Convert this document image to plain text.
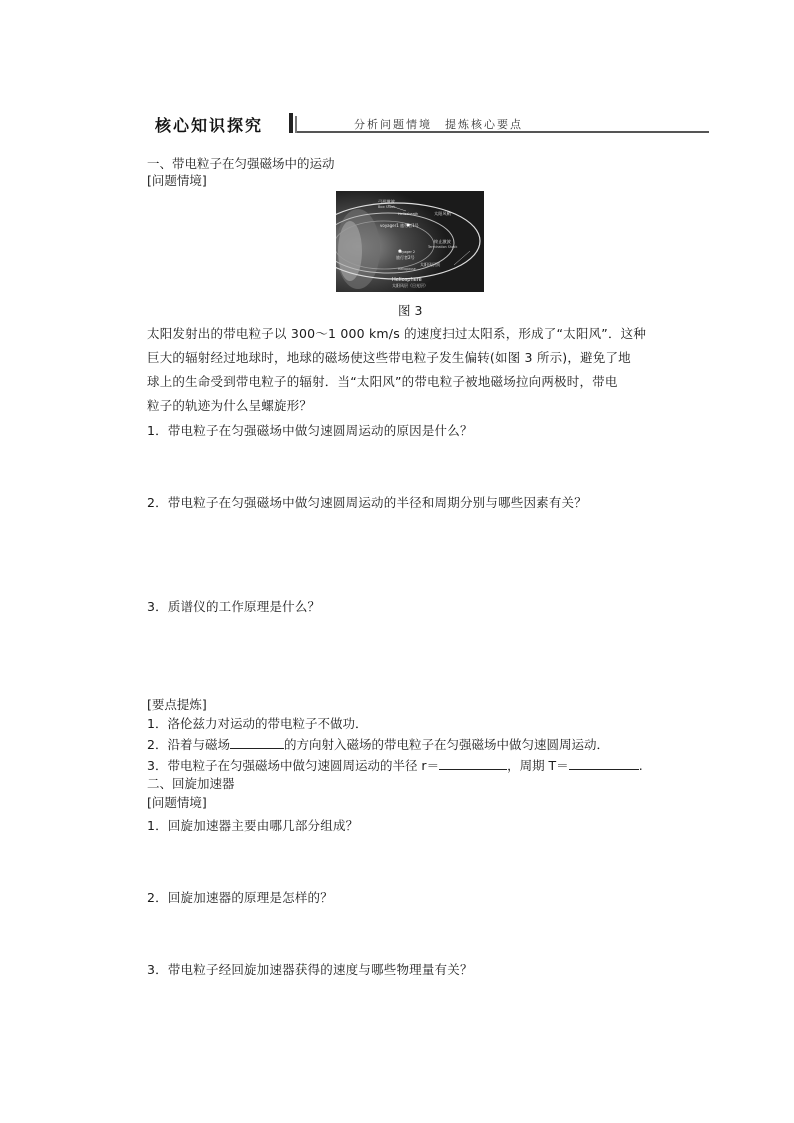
核心知识探究	分析问题情境　提炼核心要点
一、带电粒子在匀强磁场中的运动
[问题情境]
弓形激波
Bow Shock
Heliosheath	太阳风鞘
voyager1 旅行者1号
终止激波
Termination Shock
Voyager 2
旅行者2号
太阳风层顶
Heliopause
Heliosphere
太阳风层（日光层）
图 3
太阳发射出的带电粒子以 300～1 000 km/s 的速度扫过太阳系，形成了“太阳风”．这种
巨大的辐射经过地球时，地球的磁场使这些带电粒子发生偏转(如图 3 所示)，避免了地
球上的生命受到带电粒子的辐射．当“太阳风”的带电粒子被地磁场拉向两极时，带电
粒子的轨迹为什么呈螺旋形？
1．带电粒子在匀强磁场中做匀速圆周运动的原因是什么？
2．带电粒子在匀强磁场中做匀速圆周运动的半径和周期分别与哪些因素有关？
3．质谱仪的工作原理是什么？
[要点提炼]
1．洛伦兹力对运动的带电粒子不做功．
2．沿着与磁场	的方向射入磁场的带电粒子在匀强磁场中做匀速圆周运动．
3．带电粒子在匀强磁场中做匀速圆周运动的半径 r＝	，周期 T＝	.
二、回旋加速器
[问题情境]
1．回旋加速器主要由哪几部分组成？
2．回旋加速器的原理是怎样的？
3．带电粒子经回旋加速器获得的速度与哪些物理量有关？
